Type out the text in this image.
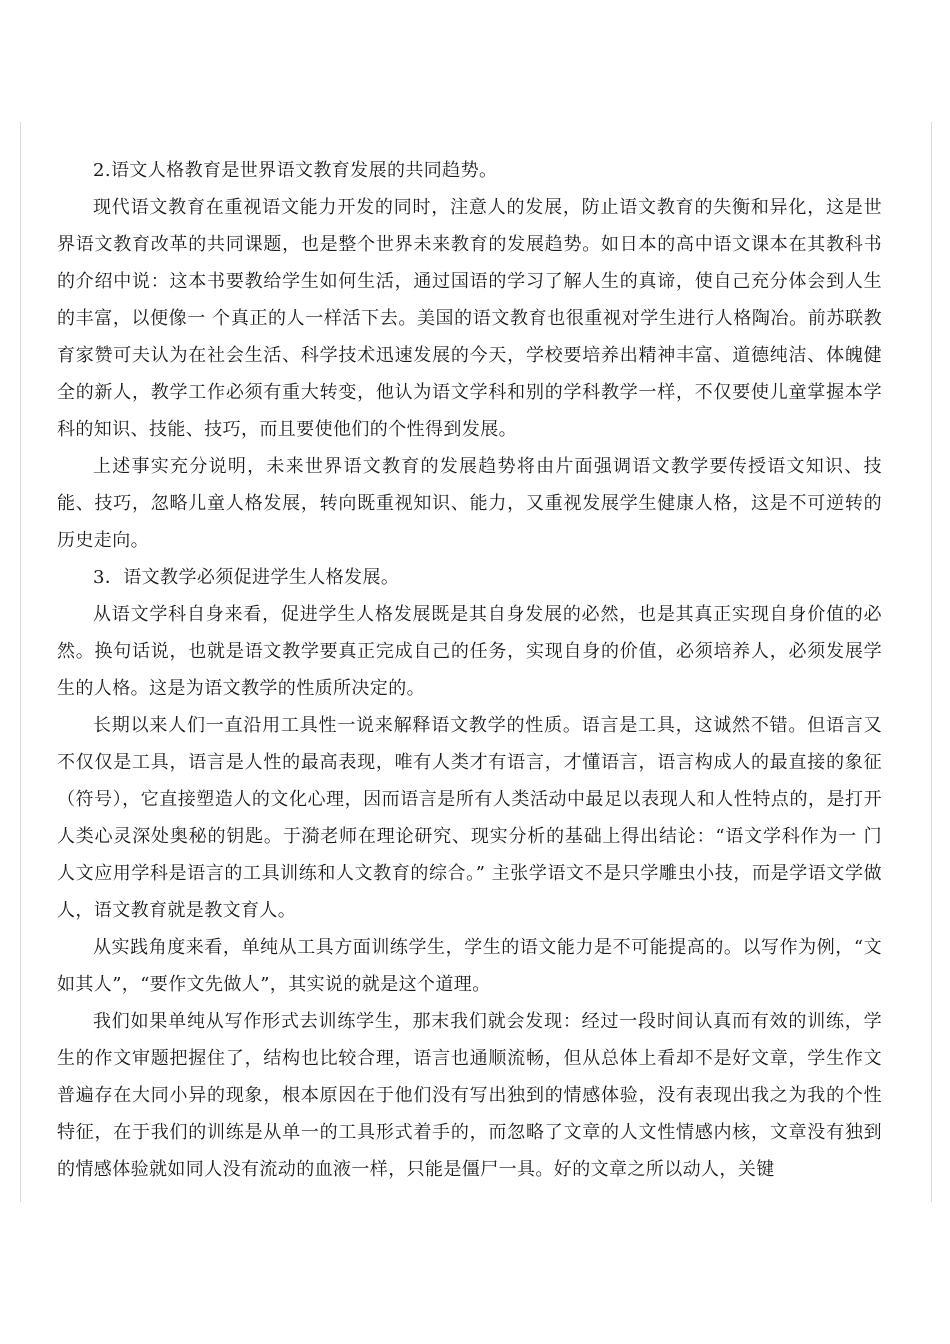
2.语文人格教育是世界语文教育发展的共同趋势。

现代语文教育在重视语文能力开发的同时，注意人的发展，防止语文教育的失衡和异化，这是世界语文教育改革的共同课题，也是整个世界未来教育的发展趋势。如日本的高中语文课本在其教科书的介绍中说：这本书要教给学生如何生活，通过国语的学习了解人生的真谛，使自己充分体会到人生的丰富，以便像一 个真正的人一样活下去。美国的语文教育也很重视对学生进行人格陶冶。前苏联教育家赞可夫认为在社会生活、科学技术迅速发展的今天，学校要培养出精神丰富、道德纯洁、体魄健全的新人，教学工作必须有重大转变，他认为语文学科和别的学科教学一样，不仅要使儿童掌握本学科的知识、技能、技巧，而且要使他们的个性得到发展。

上述事实充分说明，未来世界语文教育的发展趋势将由片面强调语文教学要传授语文知识、技能、技巧，忽略儿童人格发展，转向既重视知识、能力，又重视发展学生健康人格，这是不可逆转的历史走向。

3．语文教学必须促进学生人格发展。

从语文学科自身来看，促进学生人格发展既是其自身发展的必然，也是其真正实现自身价值的必然。换句话说，也就是语文教学要真正完成自己的任务，实现自身的价值，必须培养人，必须发展学生的人格。这是为语文教学的性质所决定的。

长期以来人们一直沿用工具性一说来解释语文教学的性质。语言是工具，这诚然不错。但语言又不仅仅是工具，语言是人性的最高表现，唯有人类才有语言，才懂语言，语言构成人的最直接的象征（符号），它直接塑造人的文化心理，因而语言是所有人类活动中最足以表现人和人性特点的，是打开人类心灵深处奥秘的钥匙。于漪老师在理论研究、现实分析的基础上得出结论：“语文学科作为一 门人文应用学科是语言的工具训练和人文教育的综合。” 主张学语文不是只学雕虫小技，而是学语文学做人，语文教育就是教文育人。

从实践角度来看，单纯从工具方面训练学生，学生的语文能力是不可能提高的。以写作为例，“文如其人”，“要作文先做人”，其实说的就是这个道理。

我们如果单纯从写作形式去训练学生，那末我们就会发现：经过一段时间认真而有效的训练，学生的作文审题把握住了，结构也比较合理，语言也通顺流畅，但从总体上看却不是好文章，学生作文普遍存在大同小异的现象，根本原因在于他们没有写出独到的情感体验，没有表现出我之为我的个性特征，在于我们的训练是从单一的工具形式着手的，而忽略了文章的人文性情感内核，文章没有独到的情感体验就如同人没有流动的血液一样，只能是僵尸一具。好的文章之所以动人，关键
